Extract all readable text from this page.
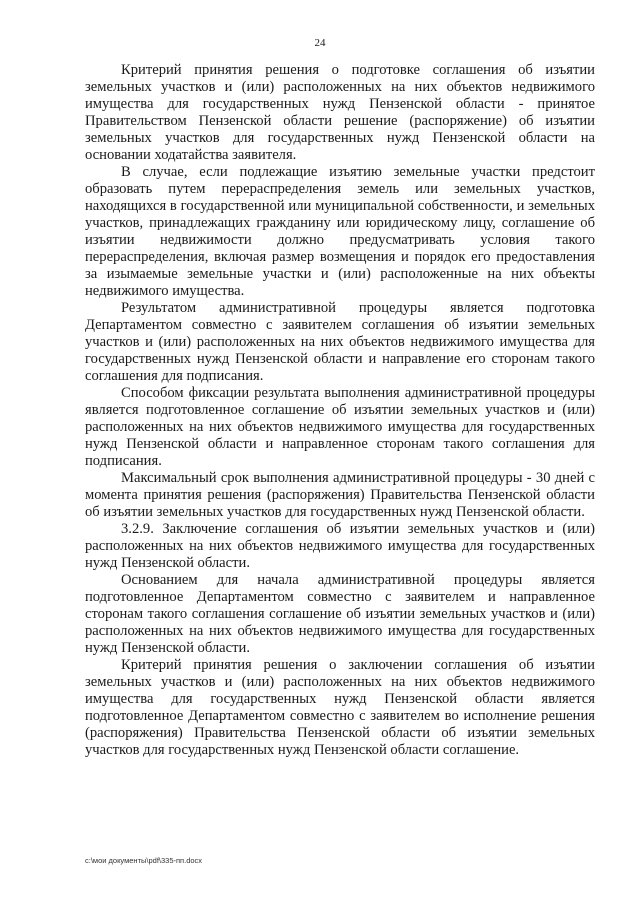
24

Критерий принятия решения о подготовке соглашения об изъятии земельных участков и (или) расположенных на них объектов недвижимого имущества для государственных нужд Пензенской области - принятое Правительством Пензенской области решение (распоряжение) об изъятии земельных участков для государственных нужд Пензенской области на основании ходатайства заявителя.

В случае, если подлежащие изъятию земельные участки предстоит образовать путем перераспределения земель или земельных участков, находящихся в государственной или муниципальной собственности, и земельных участков, принадлежащих гражданину или юридическому лицу, соглашение об изъятии недвижимости должно предусматривать условия такого перераспределения, включая размер возмещения и порядок его предоставления за изымаемые земельные участки и (или) расположенные на них объекты недвижимого имущества.

Результатом административной процедуры является подготовка Департаментом совместно с заявителем соглашения об изъятии земельных участков и (или) расположенных на них объектов недвижимого имущества для государственных нужд Пензенской области и направление его сторонам такого соглашения для подписания.

Способом фиксации результата выполнения административной процедуры является подготовленное соглашение об изъятии земельных участков и (или) расположенных на них объектов недвижимого имущества для государственных нужд Пензенской области и направленное сторонам такого соглашения для подписания.

Максимальный срок выполнения административной процедуры - 30 дней с момента принятия решения (распоряжения) Правительства Пензенской области об изъятии земельных участков для государственных нужд Пензенской области.

3.2.9. Заключение соглашения об изъятии земельных участков и (или) расположенных на них объектов недвижимого имущества для государственных нужд Пензенской области.

Основанием для начала административной процедуры является подготовленное Департаментом совместно с заявителем и направленное сторонам такого соглашения соглашение об изъятии земельных участков и (или) расположенных на них объектов недвижимого имущества для государственных нужд Пензенской области.

Критерий принятия решения о заключении соглашения об изъятии земельных участков и (или) расположенных на них объектов недвижимого имущества для государственных нужд Пензенской области является подготовленное Департаментом совместно с заявителем во исполнение решения (распоряжения) Правительства Пензенской области об изъятии земельных участков для государственных нужд Пензенской области соглашение.

c:\мои документы\pdf\335-пп.docx
